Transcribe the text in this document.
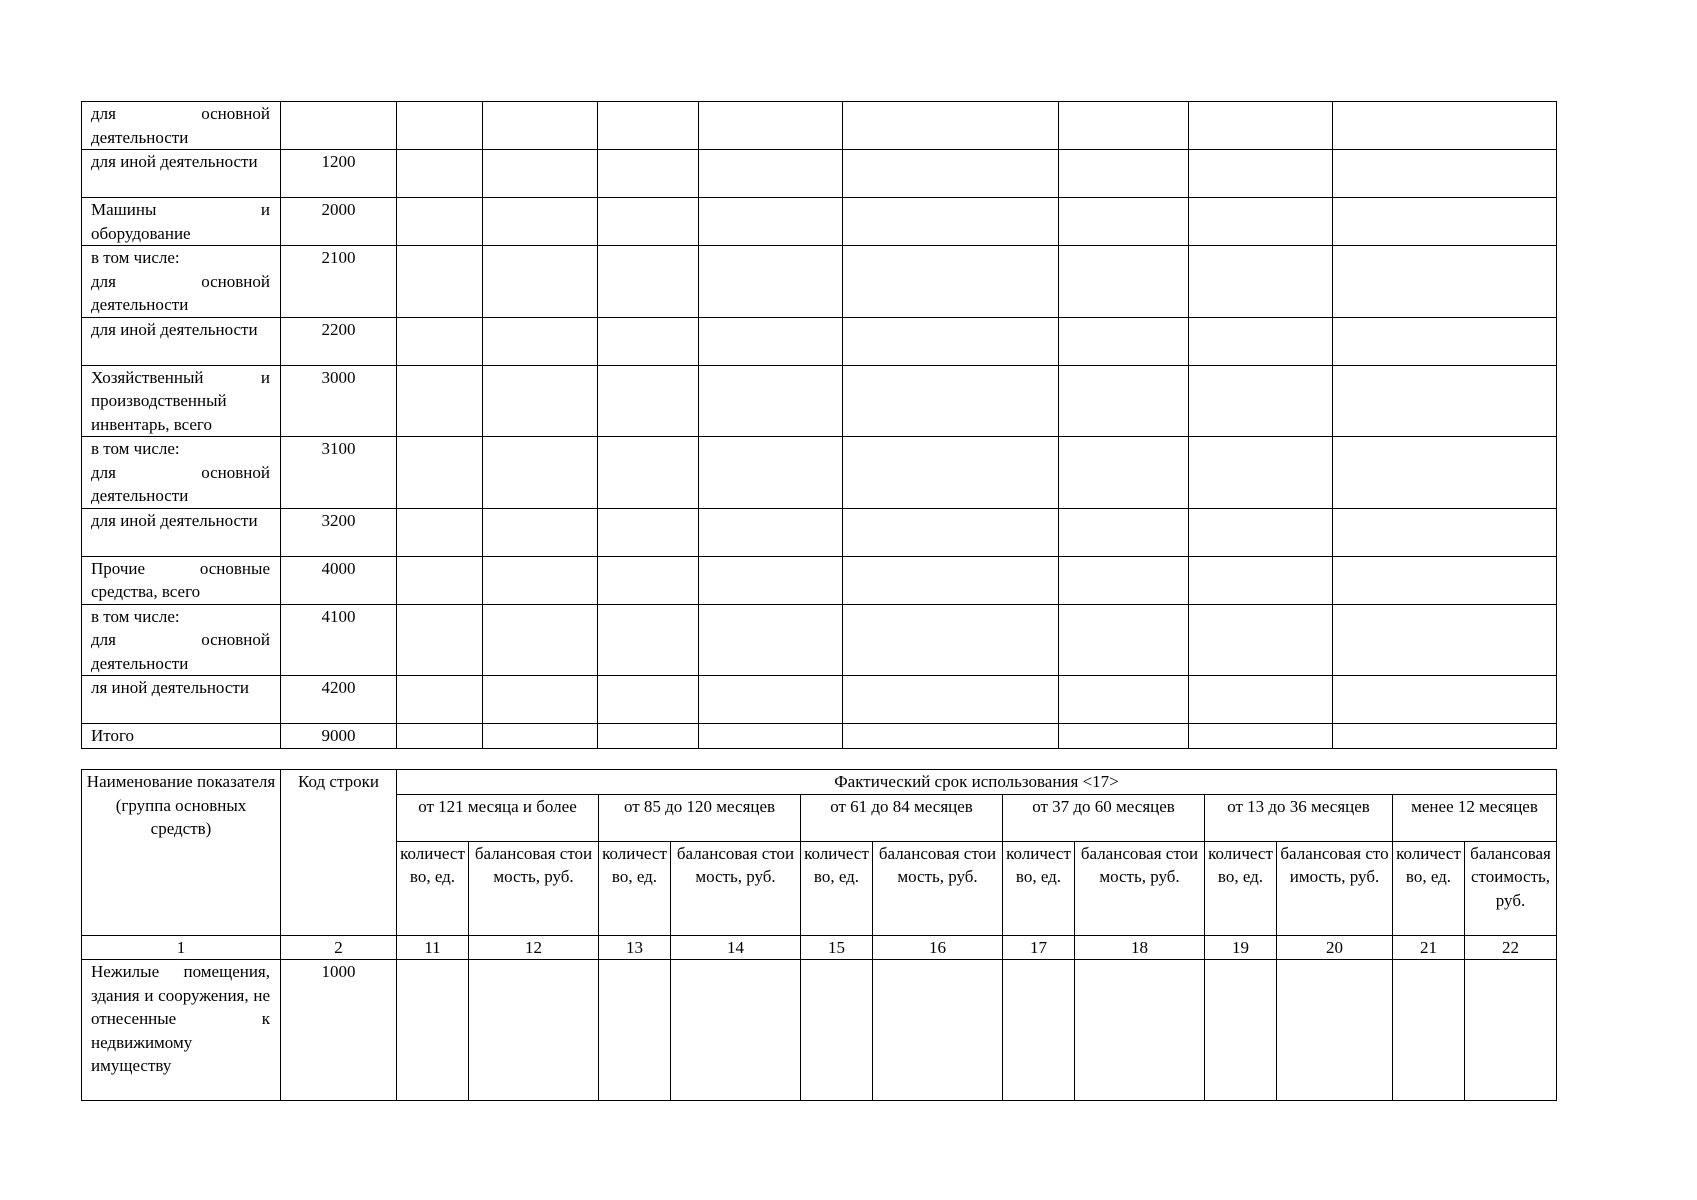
для основной деятельности									

для иной деятельности	1200								

Машины и оборудование	2000								

в том числе:
для основной деятельности	2100								

для иной деятельности	2200								

Хозяйственный и производственный инвентарь, всего	3000								

в том числе:
для основной деятельности	3100								

для иной деятельности	3200								

Прочие основные средства, всего	4000								

в том числе:
для основной деятельности	4100								

ля иной деятельности	4200								

Итого	9000								
Наименование показателя (группа основных средств)	Код строки	Фактический срок использования <17>											
		от 121 месяца и более		от 85 до 120 месяцев		от 61 до 84 месяцев		от 37 до 60 месяцев		от 13 до 36 месяцев		менее 12 месяцев	
		количество, ед.	балансовая стоимость, руб.	количество, ед.	балансовая стоимость, руб.	количество, ед.	балансовая стоимость, руб.	количество, ед.	балансовая стоимость, руб.	количество, ед.	балансовая стоимость, руб.	количество, ед.	балансовая стоимость, руб.
1	2	11	12	13	14	15	16	17	18	19	20	21	22
Нежилые помещения, здания и сооружения, не отнесенные к недвижимому имуществу	1000												
